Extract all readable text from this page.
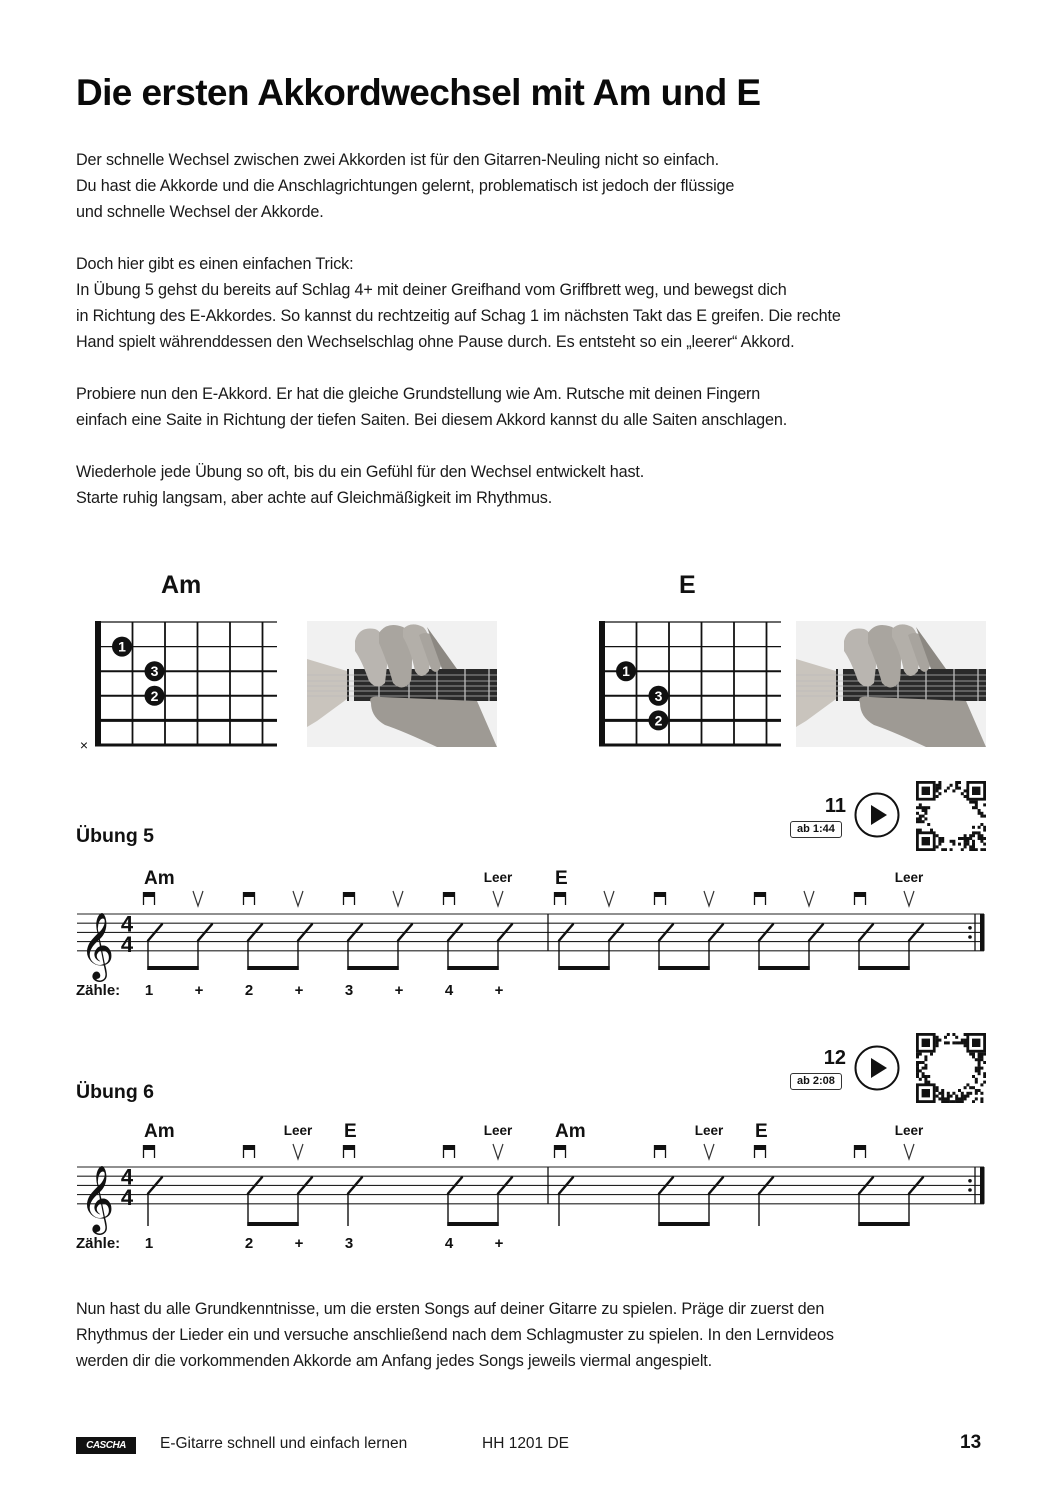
Die ersten Akkordwechsel mit Am und E
Der schnelle Wechsel zwischen zwei Akkorden ist für den Gitarren-Neuling nicht so einfach.
Du hast die Akkorde und die Anschlagrichtungen gelernt, problematisch ist jedoch der flüssige
und schnelle Wechsel der Akkorde.
Doch hier gibt es einen einfachen Trick:
In Übung 5 gehst du bereits auf Schlag 4+ mit deiner Greifhand vom Griffbrett weg, und bewegst dich
in Richtung des E-Akkordes. So kannst du rechtzeitig auf Schag 1 im nächsten Takt das E greifen. Die rechte
Hand spielt währenddessen den Wechselschlag ohne Pause durch. Es entsteht so ein „leerer“ Akkord.
Probiere nun den E-Akkord. Er hat die gleiche Grundstellung wie Am. Rutsche mit deinen Fingern
einfach eine Saite in Richtung der tiefen Saiten. Bei diesem Akkord kannst du alle Saiten anschlagen.
Wiederhole jede Übung so oft, bis du ein Gefühl für den Wechsel entwickelt hast.
Starte ruhig langsam, aber achte auf Gleichmäßigkeit im Rhythmus.
Am
×
1
3
2
E
1
3
2
Übung 5
11
ab 1:44
𝄞 4
4
Zähle:
Am
1	+	2	+	3	+	4
Leer
+
E	Leer
Übung 6
12
ab 2:08
𝄞 4
4
Zähle:
Am
1	2
Leer
+
E
3	4
Leer
+
Am	Leer E	Leer
Nun hast du alle Grundkenntnisse, um die ersten Songs auf deiner Gitarre zu spielen. Präge dir zuerst den
Rhythmus der Lieder ein und versuche anschließend nach dem Schlagmuster zu spielen. In den Lernvideos
werden dir die vorkommenden Akkorde am Anfang jedes Songs jeweils viermal angespielt.
CASCHA	E-Gitarre schnell und einfach lernen	HH 1201 DE	13
